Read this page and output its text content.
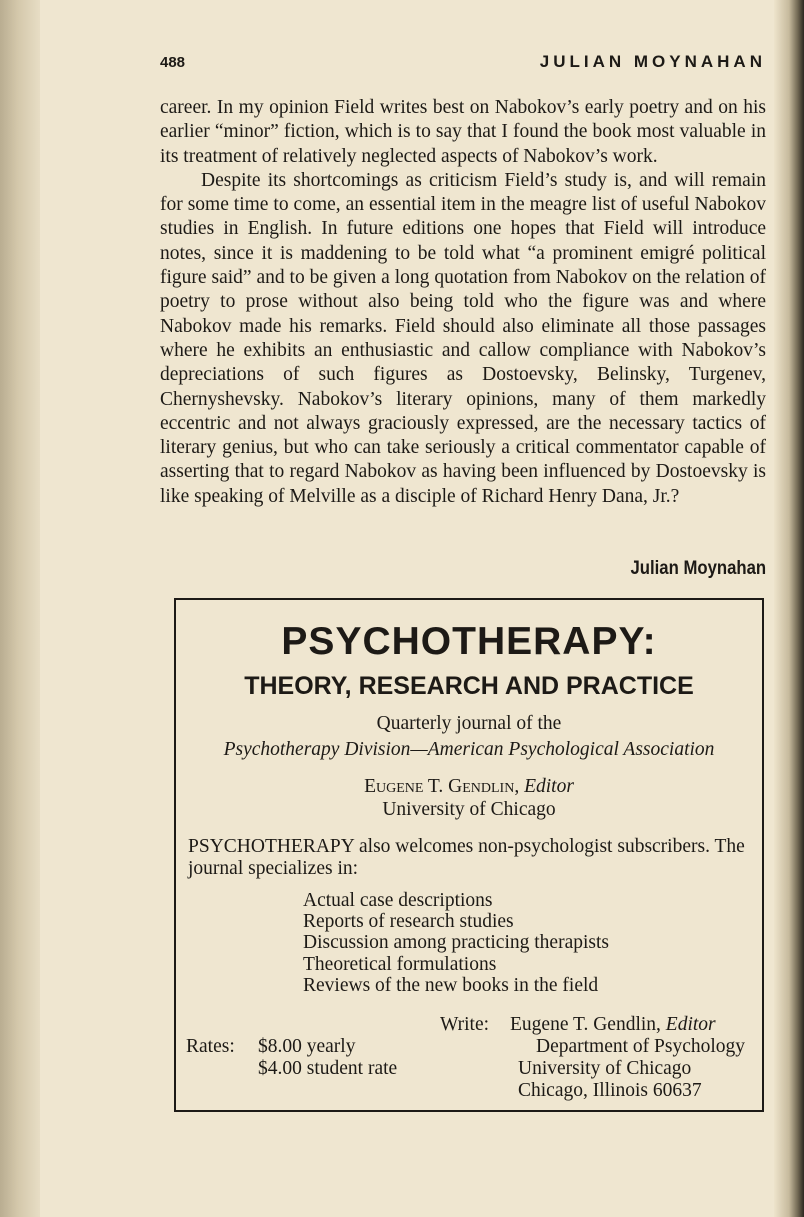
488	JULIAN MOYNAHAN

career. In my opinion Field writes best on Nabokov’s early poetry and on his earlier “minor” fiction, which is to say that I found the book most valuable in its treatment of relatively neglected aspects of Nabokov’s work.

Despite its shortcomings as criticism Field’s study is, and will remain for some time to come, an essential item in the meagre list of useful Nabokov studies in English. In future editions one hopes that Field will introduce notes, since it is maddening to be told what “a prominent emigré political figure said” and to be given a long quotation from Nabokov on the relation of poetry to prose without also being told who the figure was and where Nabokov made his remarks. Field should also eliminate all those passages where he exhibits an enthusiastic and callow compliance with Nabokov’s depreciations of such figures as Dostoevsky, Belinsky, Turgenev, Chernyshevsky. Nabokov’s literary opinions, many of them markedly eccentric and not always graciously expressed, are the necessary tactics of literary genius, but who can take seriously a critical commentator capable of asserting that to regard Nabokov as having been influenced by Dostoevsky is like speaking of Melville as a disciple of Richard Henry Dana, Jr.?

Julian Moynahan
PSYCHOTHERAPY:
THEORY, RESEARCH AND PRACTICE
Quarterly journal of the
Psychotherapy Division—American Psychological Association
Eugene T. Gendlin, Editor
University of Chicago
PSYCHOTHERAPY also welcomes non-psychologist subscribers. The journal specializes in:
Actual case descriptions
Reports of research studies
Discussion among practicing therapists
Theoretical formulations
Reviews of the new books in the field
Rates: $8.00 yearly
$4.00 student rate
Write: Eugene T. Gendlin, Editor
Department of Psychology
University of Chicago
Chicago, Illinois 60637
